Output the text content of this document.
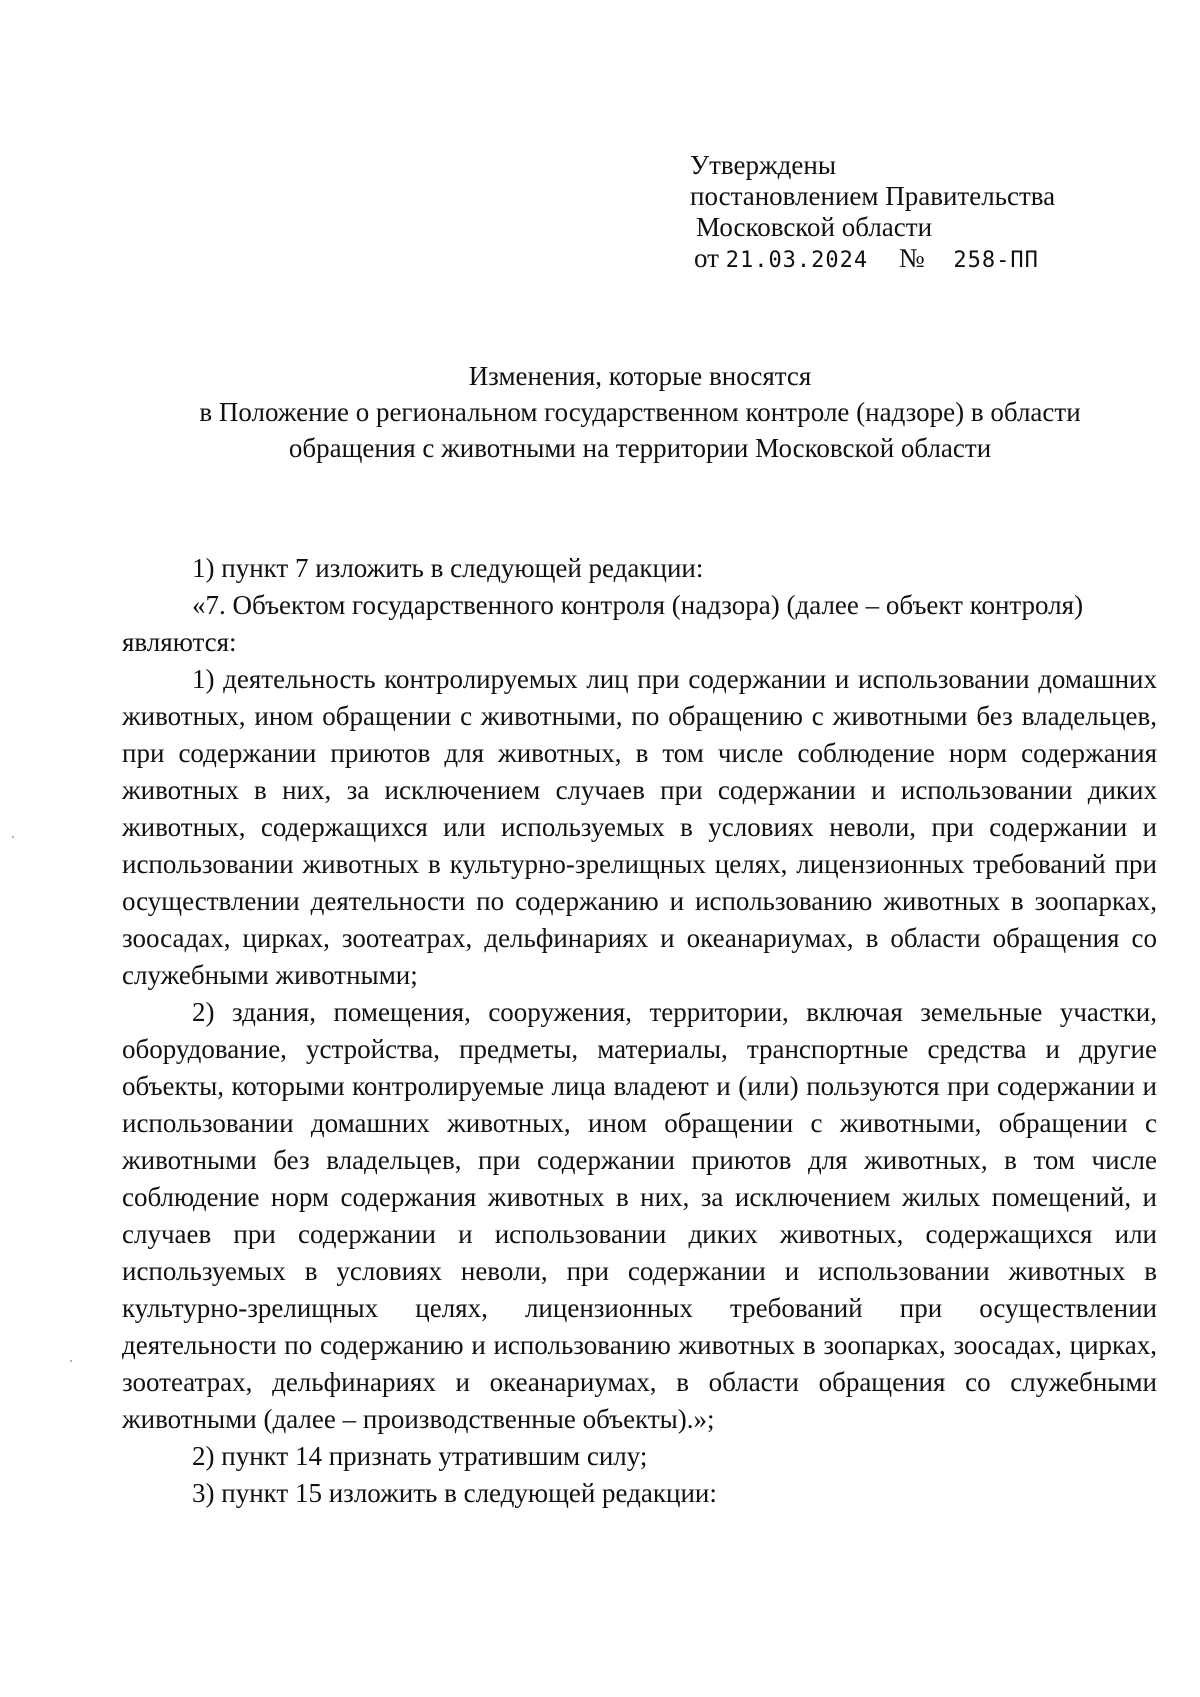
Утверждены
постановлением Правительства
Московской области
от 21.03.2024 № 258-ПП
Изменения, которые вносятся
в Положение о региональном государственном контроле (надзоре) в области
обращения с животными на территории Московской области

1) пункт 7 изложить в следующей редакции:

«7. Объектом государственного контроля (надзора) (далее – объект контроля)

являются:

1) деятельность контролируемых лиц при содержании и использовании домашних животных, ином обращении с животными, по обращению с животными без владельцев, при содержании приютов для животных, в том числе соблюдение норм содержания животных в них, за исключением случаев при содержании и использовании диких животных, содержащихся или используемых в условиях неволи, при содержании и использовании животных в культурно-зрелищных целях, лицензионных требований при осуществлении деятельности по содержанию и использованию животных в зоопарках, зоосадах, цирках, зоотеатрах, дельфинариях и океанариумах, в области обращения со служебными животными;

2) здания, помещения, сооружения, территории, включая земельные участки, оборудование, устройства, предметы, материалы, транспортные средства и другие объекты, которыми контролируемые лица владеют и (или) пользуются при содержании и использовании домашних животных, ином обращении с животными, обращении с животными без владельцев, при содержании приютов для животных, в том числе соблюдение норм содержания животных в них, за исключением жилых помещений, и случаев при содержании и использовании диких животных, содержащихся или используемых в условиях неволи, при содержании и использовании животных в культурно-зрелищных целях, лицензионных требований при осуществлении деятельности по содержанию и использованию животных в зоопарках, зоосадах, цирках, зоотеатрах, дельфинариях и океанариумах, в области обращения со служебными животными (далее – производственные объекты).»;

2) пункт 14 признать утратившим силу;

3) пункт 15 изложить в следующей редакции:
